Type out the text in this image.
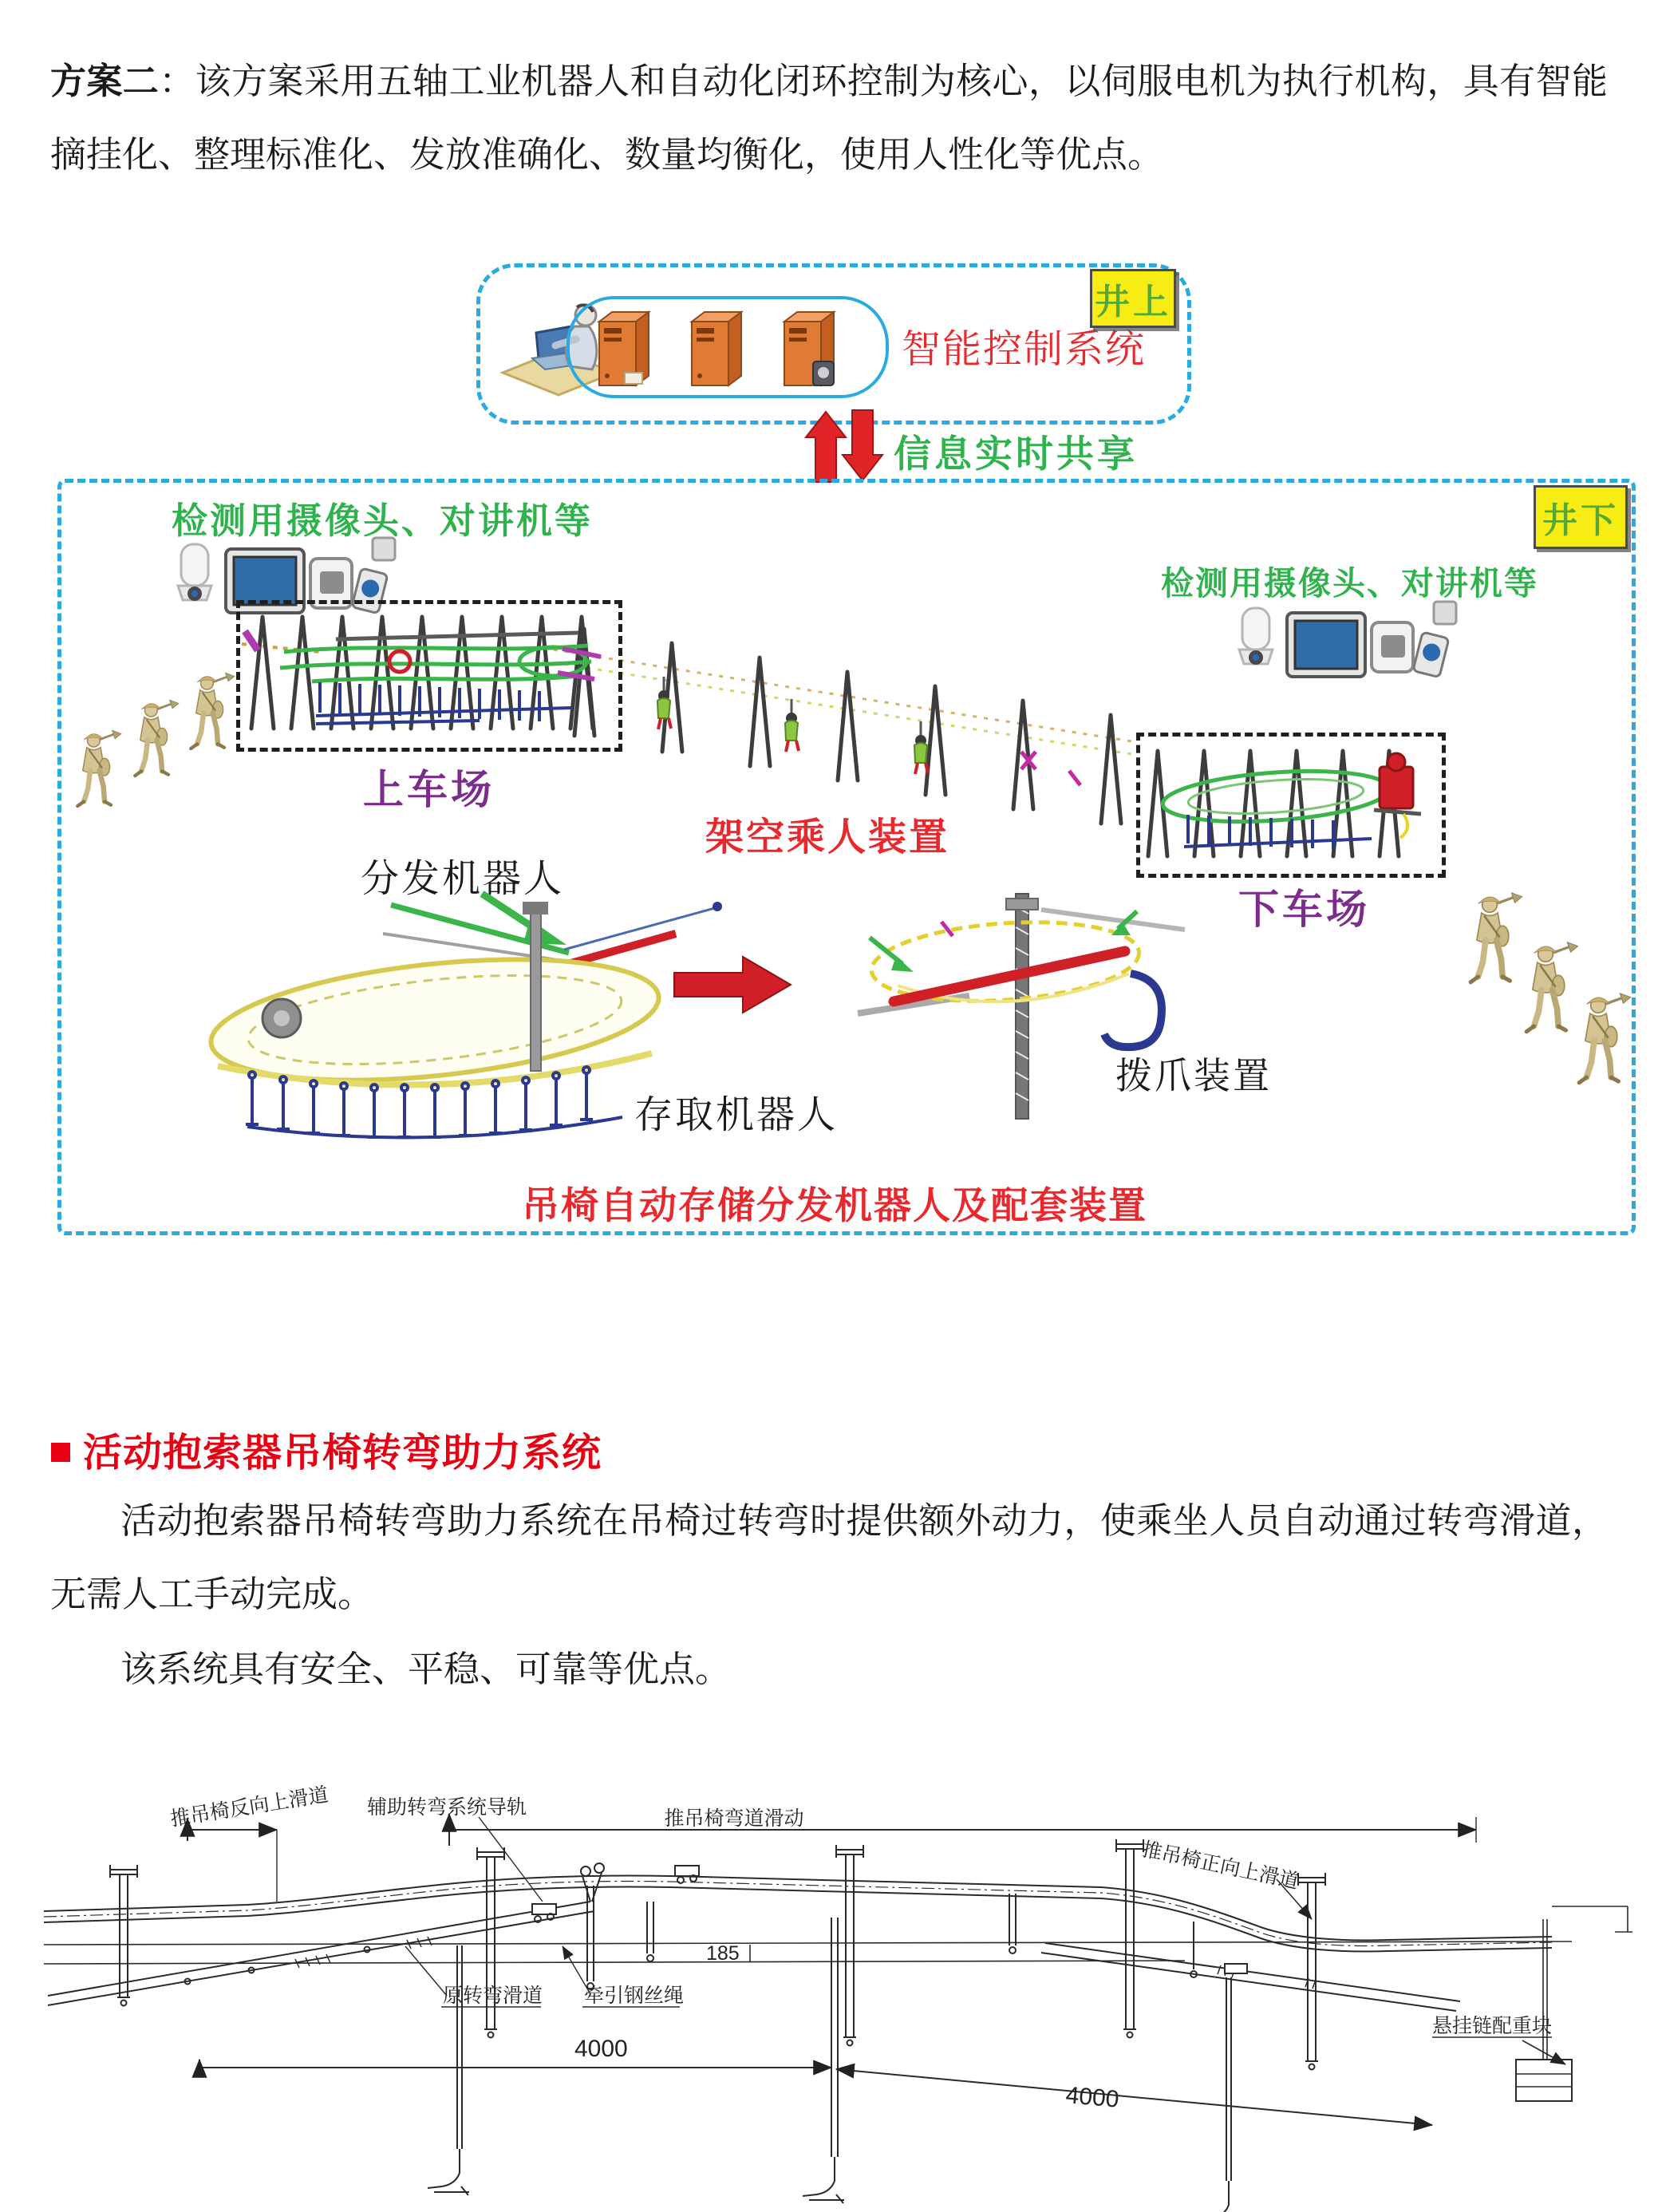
方案二：该方案采用五轴工业机器人和自动化闭环控制为核心，以伺服电机为执行机构，具有智能摘挂化、整理标准化、发放准确化、数量均衡化，使用人性化等优点。
智能控制系统
井上
信息实时共享
井下
检测用摄像头、对讲机等
检测用摄像头、对讲机等
上车场
下车场
架空乘人装置
分发机器人
拨爪装置
存取机器人
吊椅自动存储分发机器人及配套装置
活动抱索器吊椅转弯助力系统
活动抱索器吊椅转弯助力系统在吊椅过转弯时提供额外动力，使乘坐人员自动通过转弯滑道，无需人工手动完成。
该系统具有安全、平稳、可靠等优点。
推吊椅反向上滑道 辅助转弯系统导轨	推吊椅弯道滑动
推吊椅正向上滑道
原转弯滑道 牵引钢丝绳
悬挂链配重块
185
4000
4000
